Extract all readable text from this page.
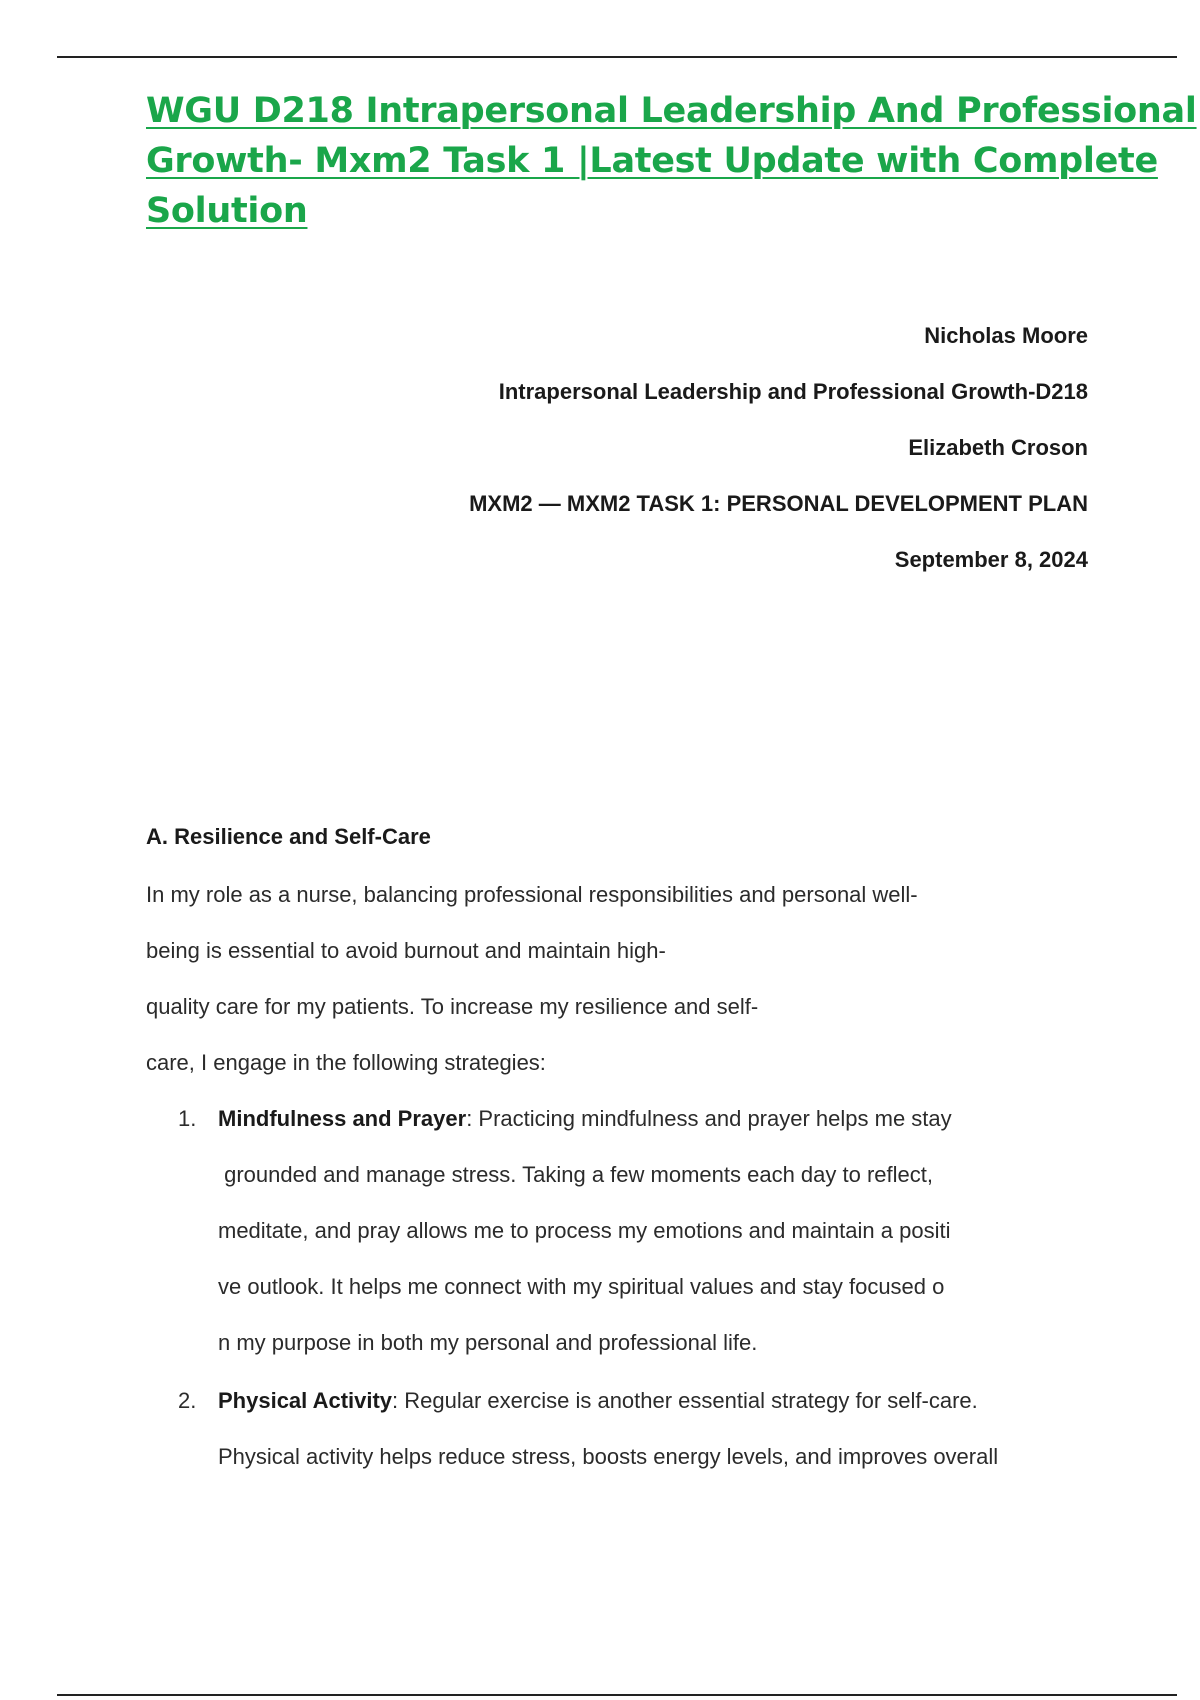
WGU D218 Intrapersonal Leadership And Professional
Growth- Mxm2 Task 1 |Latest Update with Complete
Solution
Nicholas Moore
Intrapersonal Leadership and Professional Growth-D218
Elizabeth Croson
MXM2 — MXM2 TASK 1: PERSONAL DEVELOPMENT PLAN
September 8, 2024
A. Resilience and Self-Care
In my role as a nurse, balancing professional responsibilities and personal well-
being is essential to avoid burnout and maintain high-
quality care for my patients. To increase my resilience and self-
care, I engage in the following strategies:
1. Mindfulness and Prayer: Practicing mindfulness and prayer helps me stay
grounded and manage stress. Taking a few moments each day to reflect,
meditate, and pray allows me to process my emotions and maintain a positi
ve outlook. It helps me connect with my spiritual values and stay focused o
n my purpose in both my personal and professional life.
2. Physical Activity: Regular exercise is another essential strategy for self-care.
Physical activity helps reduce stress, boosts energy levels, and improves overall
